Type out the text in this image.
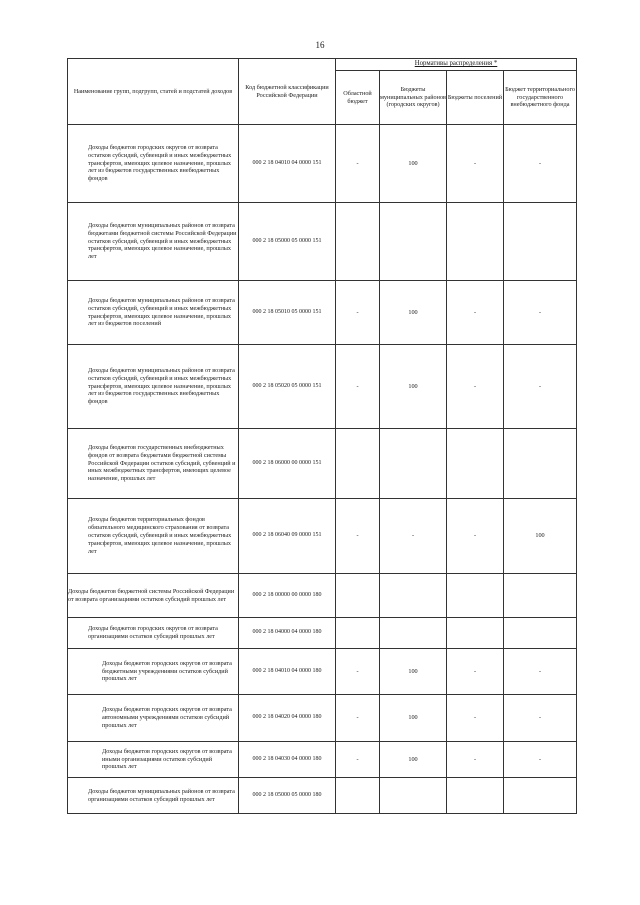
16
Наименование групп, подгрупп, статей и подстатей доходов	Код бюджетной классификации Российской Федерации	Нормативы распределения *			
		Областной бюджет	Бюджеты муниципальных районов (городских округов)	Бюджеты поселений	Бюджет территориального государственного внебюджетного фонда
Доходы бюджетов городских округов от возврата остатков субсидий, субвенций и иных межбюджетных трансфертов, имеющих целевое назначение, прошлых лет из бюджетов государственных внебюджетных фондов	000 2 18 04010 04 0000 151	-	100	-	-
Доходы бюджетов муниципальных районов от возврата бюджетами бюджетной системы Российской Федерации остатков субсидий, субвенций и иных межбюджетных трансфертов, имеющих целевое назначение, прошлых лет	000 2 18 05000 05 0000 151				
Доходы бюджетов муниципальных районов от возврата остатков субсидий, субвенций и иных межбюджетных трансфертов, имеющих целевое назначение, прошлых лет из бюджетов поселений	000 2 18 05010 05 0000 151	-	100	-	-
Доходы бюджетов муниципальных районов от возврата остатков субсидий, субвенций и иных межбюджетных трансфертов, имеющих целевое назначение, прошлых лет из бюджетов государственных внебюджетных фондов	000 2 18 05020 05 0000 151	-	100	-	-
Доходы бюджетов государственных внебюджетных фондов от возврата бюджетами бюджетной системы Российской Федерации остатков субсидий, субвенций и иных межбюджетных трансфертов, имеющих целевое назначение, прошлых лет	000 2 18 06000 00 0000 151				
Доходы бюджетов территориальных фондов обязательного медицинского страхования от возврата остатков субсидий, субвенций и иных межбюджетных трансфертов, имеющих целевое назначение, прошлых лет	000 2 18 06040 09 0000 151	-	-	-	100
Доходы бюджетов бюджетной системы Российской Федерации от возврата организациями остатков субсидий прошлых лет	000 2 18 00000 00 0000 180				
Доходы бюджетов городских округов от возврата организациями остатков субсидий прошлых лет	000 2 18 04000 04 0000 180				
Доходы бюджетов городских округов от возврата бюджетными учреждениями остатков субсидий прошлых лет	000 2 18 04010 04 0000 180	-	100	-	-
Доходы бюджетов городских округов от возврата автономными учреждениями остатков субсидий прошлых лет	000 2 18 04020 04 0000 180	-	100	-	-
Доходы бюджетов городских округов от возврата иными организациями остатков субсидий прошлых лет	000 2 18 04030 04 0000 180	-	100	-	-
Доходы бюджетов муниципальных районов от возврата организациями остатков субсидий прошлых лет	000 2 18 05000 05 0000 180				
